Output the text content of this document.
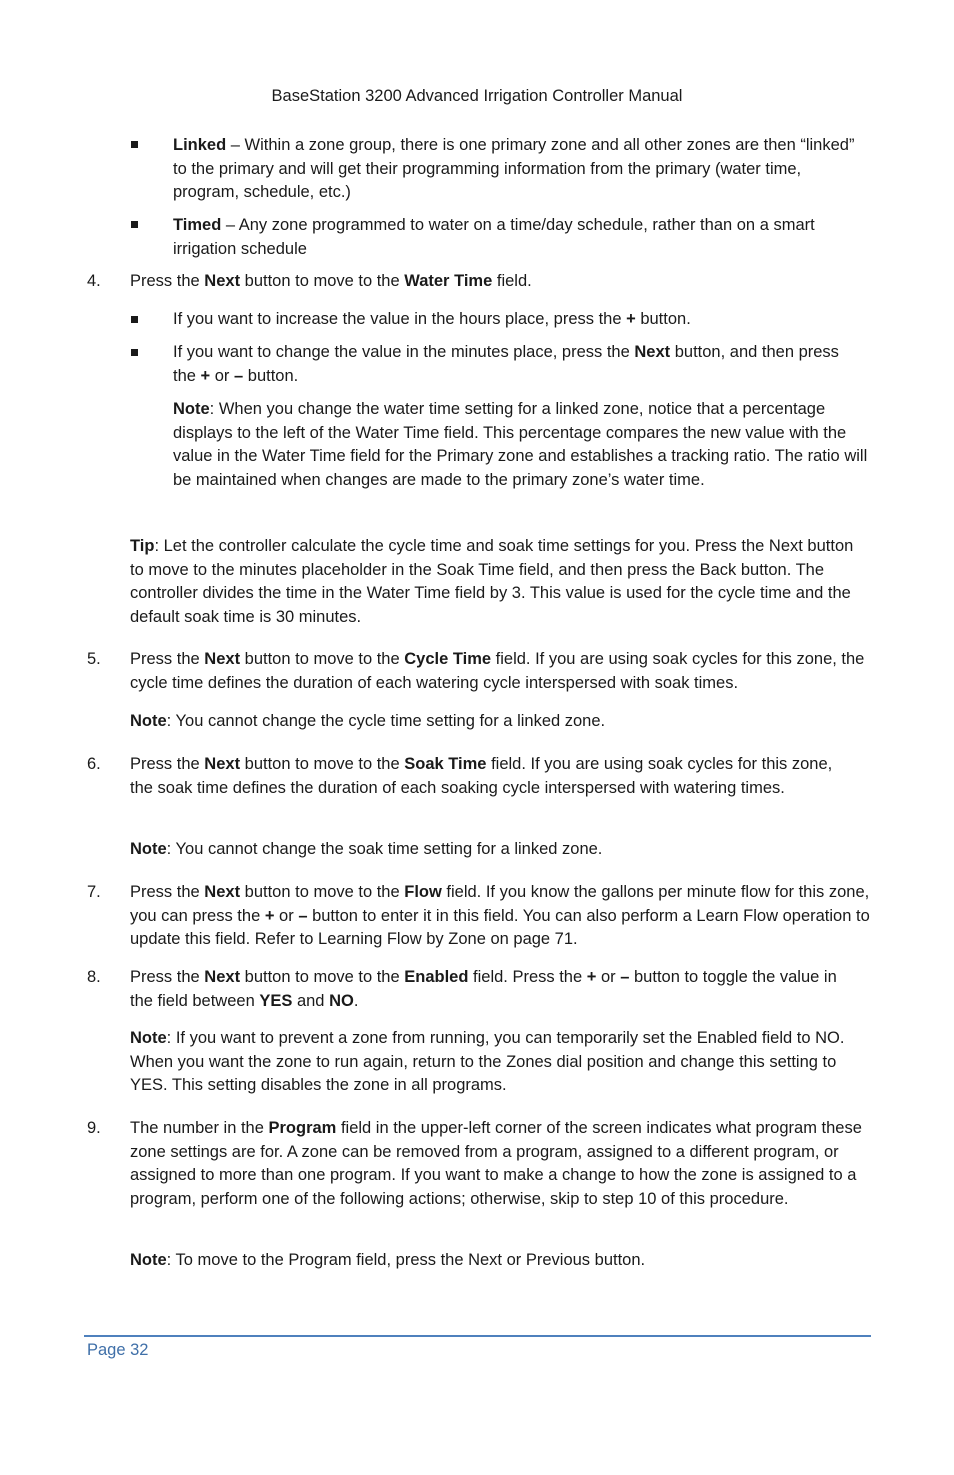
BaseStation 3200 Advanced Irrigation Controller Manual

Linked – Within a zone group, there is one primary zone and all other zones are then “linked” to the primary and will get their programming information from the primary (water time, program, schedule, etc.)

Timed – Any zone programmed to water on a time/day schedule, rather than on a smart irrigation schedule

4. Press the Next button to move to the Water Time field.

If you want to increase the value in the hours place, press the + button.

If you want to change the value in the minutes place, press the Next button, and then press the + or – button.

Note: When you change the water time setting for a linked zone, notice that a percentage displays to the left of the Water Time field. This percentage compares the new value with the value in the Water Time field for the Primary zone and establishes a tracking ratio. The ratio will be maintained when changes are made to the primary zone’s water time.

Tip: Let the controller calculate the cycle time and soak time settings for you. Press the Next button to move to the minutes placeholder in the Soak Time field, and then press the Back button. The controller divides the time in the Water Time field by 3. This value is used for the cycle time and the default soak time is 30 minutes.

5. Press the Next button to move to the Cycle Time field. If you are using soak cycles for this zone, the cycle time defines the duration of each watering cycle interspersed with soak times.

Note: You cannot change the cycle time setting for a linked zone.

6. Press the Next button to move to the Soak Time field. If you are using soak cycles for this zone, the soak time defines the duration of each soaking cycle interspersed with watering times.

Note: You cannot change the soak time setting for a linked zone.

7. Press the Next button to move to the Flow field. If you know the gallons per minute flow for this zone, you can press the + or – button to enter it in this field. You can also perform a Learn Flow operation to update this field. Refer to Learning Flow by Zone on page 71.

8. Press the Next button to move to the Enabled field. Press the + or – button to toggle the value in the field between YES and NO.

Note: If you want to prevent a zone from running, you can temporarily set the Enabled field to NO. When you want the zone to run again, return to the Zones dial position and change this setting to YES. This setting disables the zone in all programs.

9. The number in the Program field in the upper-left corner of the screen indicates what program these zone settings are for. A zone can be removed from a program, assigned to a different program, or assigned to more than one program. If you want to make a change to how the zone is assigned to a program, perform one of the following actions; otherwise, skip to step 10 of this procedure.

Note: To move to the Program field, press the Next or Previous button.

Page 32
